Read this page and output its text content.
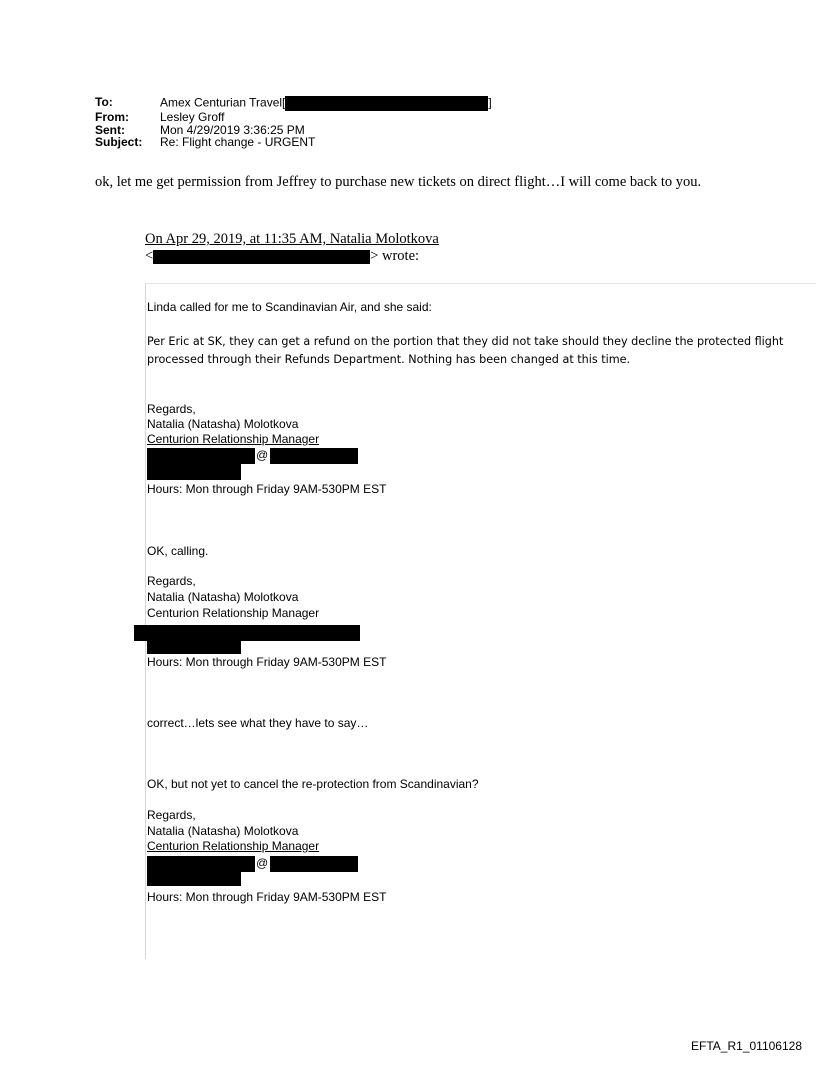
To:	Amex Centurian Travel[	]
From:	Lesley Groff
Sent:	Mon 4/29/2019 3:36:25 PM
Subject:	Re: Flight change - URGENT
ok, let me get permission from Jeffrey to purchase new tickets on direct flight…I will come back to you.
On Apr 29, 2019, at 11:35 AM, Natalia Molotkova
<	> wrote:
Linda called for me to Scandinavian Air, and she said:
Per Eric at SK, they can get a refund on the portion that they did not take should they decline the protected flight
processed through their Refunds Department. Nothing has been changed at this time.
Regards,
Natalia (Natasha) Molotkova
Centurion Relationship Manager
@
Hours: Mon through Friday 9AM-530PM EST
OK, calling.
Regards,
Natalia (Natasha) Molotkova
Centurion Relationship Manager
Hours: Mon through Friday 9AM-530PM EST
correct…lets see what they have to say…
OK, but not yet to cancel the re-protection from Scandinavian?
Regards,
Natalia (Natasha) Molotkova
Centurion Relationship Manager
@
Hours: Mon through Friday 9AM-530PM EST
EFTA_R1_01106128
